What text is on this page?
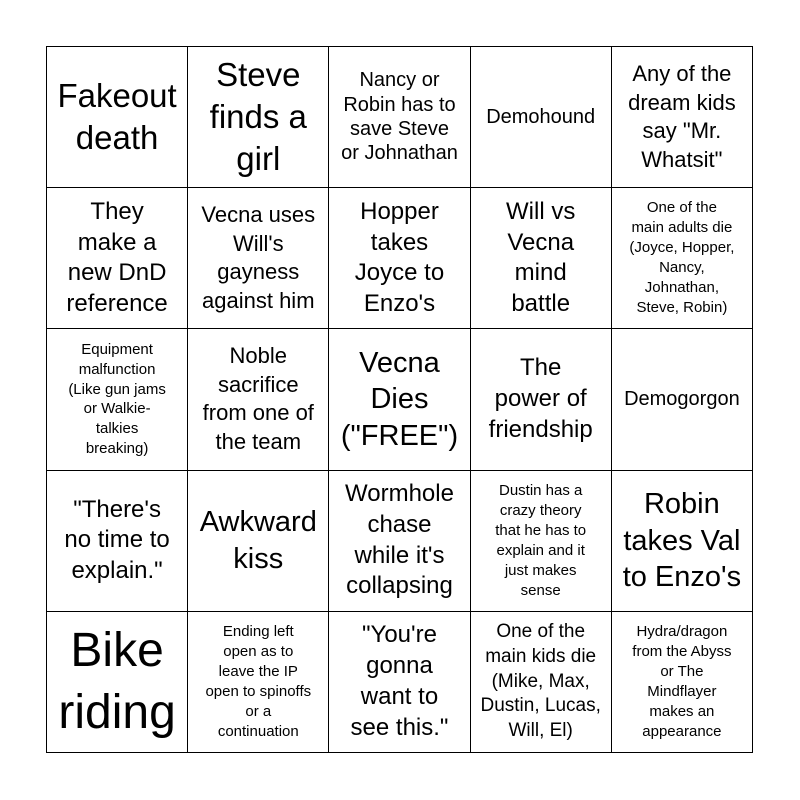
Fakeout
death
Steve
finds a
girl
Nancy or
Robin has to
save Steve
or Johnathan
Demohound
Any of the
dream kids
say "Mr.
Whatsit"
They
make a
new DnD
reference
Vecna uses
Will's
gayness
against him
Hopper
takes
Joyce to
Enzo's
Will vs
Vecna
mind
battle
One of the
main adults die
(Joyce, Hopper,
Nancy,
Johnathan,
Steve, Robin)
Equipment
malfunction
(Like gun jams
or Walkie-
talkies
breaking)
Noble
sacrifice
from one of
the team
Vecna
Dies
("FREE")
The
power of
friendship
Demogorgon
"There's
no time to
explain."
Awkward
kiss
Wormhole
chase
while it's
collapsing
Dustin has a
crazy theory
that he has to
explain and it
just makes
sense
Robin
takes Val
to Enzo's
Bike
riding
Ending left
open as to
leave the IP
open to spinoffs
or a
continuation
"You're
gonna
want to
see this."
One of the
main kids die
(Mike, Max,
Dustin, Lucas,
Will, El)
Hydra/dragon
from the Abyss
or The
Mindflayer
makes an
appearance
